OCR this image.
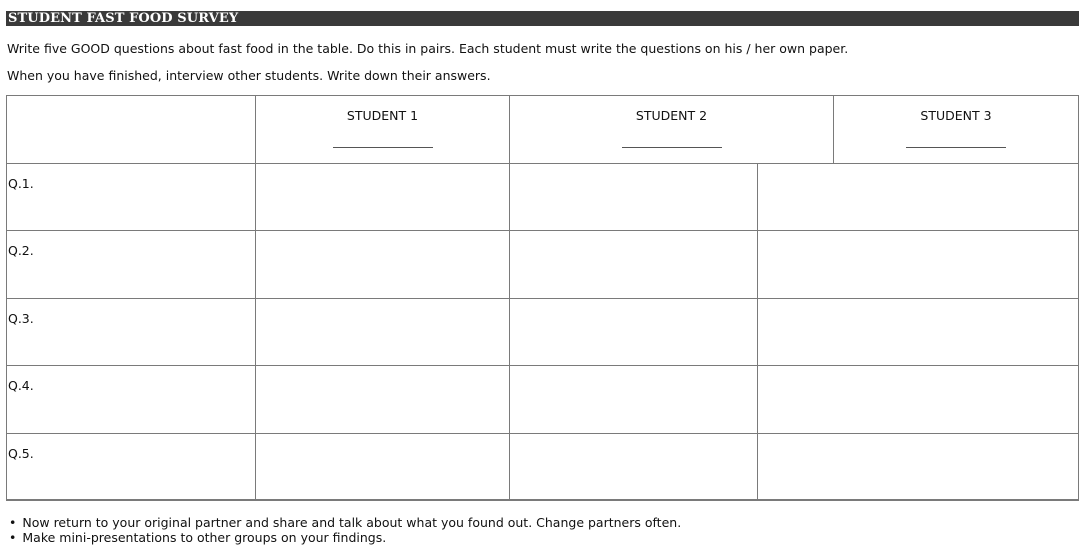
STUDENT FAST FOOD SURVEY
Write five GOOD questions about fast food in the table. Do this in pairs. Each student must write the questions on his / her own paper.
When you have finished, interview other students. Write down their answers.
STUDENT 1	STUDENT 2	STUDENT 3
Q.1.
Q.2.
Q.3.
Q.4.
Q.5.
• Now return to your original partner and share and talk about what you found out. Change partners often.
• Make mini-presentations to other groups on your findings.
